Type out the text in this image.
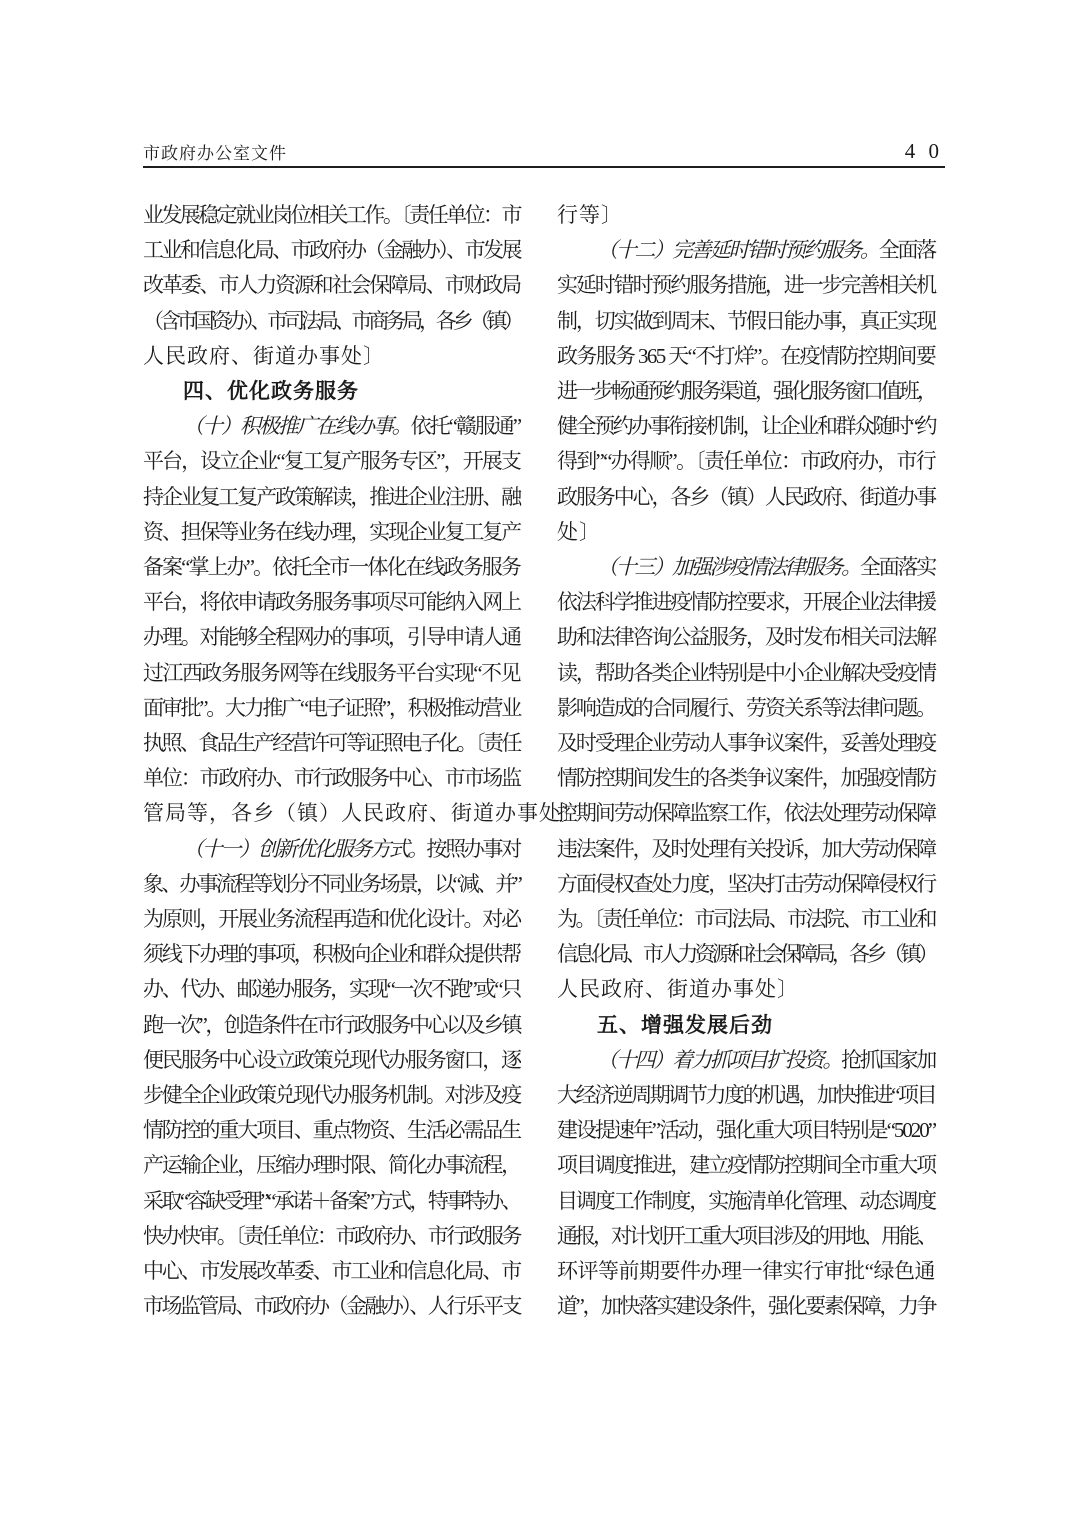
市政府办公室文件	4 0
业发展稳定就业岗位相关工作。〔责任单位：市
工业和信息化局、市政府办（金融办）、市发展
改革委、市人力资源和社会保障局、市财政局
（含市国资办）、市司法局、市商务局，各乡（镇）
人民政府、街道办事处〕
四、优化政务服务
（十）积极推广在线办事。依托“赣服通”
平台，设立企业“复工复产服务专区”，开展支
持企业复工复产政策解读，推进企业注册、融
资、担保等业务在线办理，实现企业复工复产
备案“掌上办”。依托全市一体化在线政务服务
平台，将依申请政务服务事项尽可能纳入网上
办理。对能够全程网办的事项，引导申请人通
过江西政务服务网等在线服务平台实现“不见
面审批”。大力推广“电子证照”，积极推动营业
执照、食品生产经营许可等证照电子化。〔责任
单位：市政府办、市行政服务中心、市市场监
管局等，各乡（镇）人民政府、街道办事处〕
（十一）创新优化服务方式。按照办事对
象、办事流程等划分不同业务场景，以“减、并”
为原则，开展业务流程再造和优化设计。对必
须线下办理的事项，积极向企业和群众提供帮
办、代办、邮递办服务，实现“一次不跑”或“只
跑一次”，创造条件在市行政服务中心以及乡镇
便民服务中心设立政策兑现代办服务窗口，逐
步健全企业政策兑现代办服务机制。对涉及疫
情防控的重大项目、重点物资、生活必需品生
产运输企业，压缩办理时限、简化办事流程，
采取“容缺受理”“承诺＋备案”方式，特事特办、
快办快审。〔责任单位：市政府办、市行政服务
中心、市发展改革委、市工业和信息化局、市
市场监管局、市政府办（金融办）、人行乐平支
行等〕
（十二）完善延时错时预约服务。全面落
实延时错时预约服务措施，进一步完善相关机
制，切实做到周末、节假日能办事，真正实现
政务服务 365 天“不打烊”。在疫情防控期间要
进一步畅通预约服务渠道，强化服务窗口值班，
健全预约办事衔接机制，让企业和群众随时“约
得到”“办得顺”。〔责任单位：市政府办，市行
政服务中心，各乡（镇）人民政府、街道办事
处〕
（十三）加强涉疫情法律服务。全面落实
依法科学推进疫情防控要求，开展企业法律援
助和法律咨询公益服务，及时发布相关司法解
读，帮助各类企业特别是中小企业解决受疫情
影响造成的合同履行、劳资关系等法律问题。
及时受理企业劳动人事争议案件，妥善处理疫
情防控期间发生的各类争议案件，加强疫情防
控期间劳动保障监察工作，依法处理劳动保障
违法案件，及时处理有关投诉，加大劳动保障
方面侵权查处力度，坚决打击劳动保障侵权行
为。〔责任单位：市司法局、市法院、市工业和
信息化局、市人力资源和社会保障局，各乡（镇）
人民政府、街道办事处〕
五、增强发展后劲
（十四）着力抓项目扩投资。抢抓国家加
大经济逆周期调节力度的机遇，加快推进“项目
建设提速年”活动，强化重大项目特别是“5020”
项目调度推进，建立疫情防控期间全市重大项
目调度工作制度，实施清单化管理、动态调度
通报，对计划开工重大项目涉及的用地、用能、
环评等前期要件办理一律实行审批“绿色通
道”，加快落实建设条件，强化要素保障，力争
